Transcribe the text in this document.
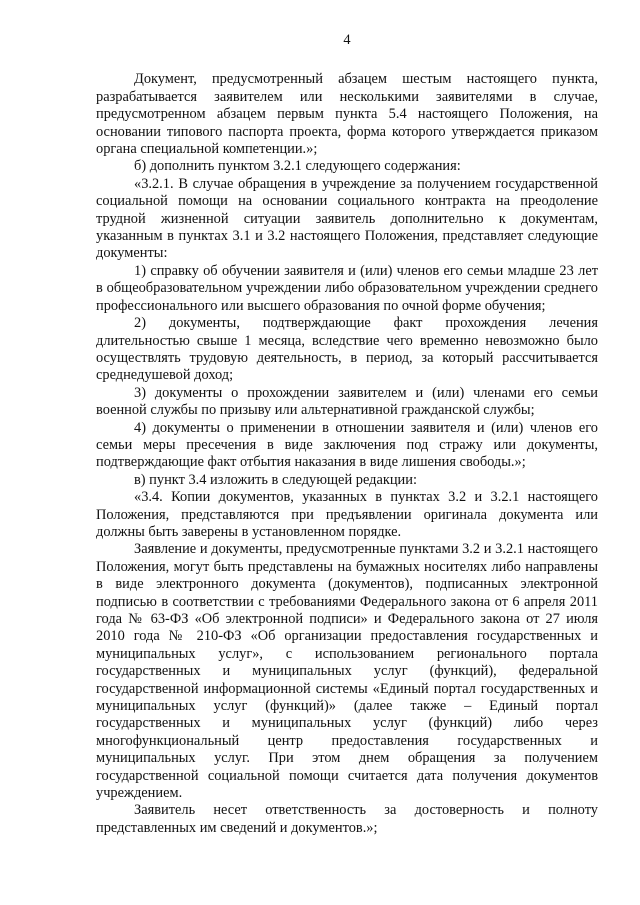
4

Документ, предусмотренный абзацем шестым настоящего пункта, разрабатывается заявителем или несколькими заявителями в случае, предусмотренном абзацем первым пункта 5.4 настоящего Положения, на основании типового паспорта проекта, форма которого утверждается приказом органа специальной компетенции.»;

б) дополнить пунктом 3.2.1 следующего содержания:

«3.2.1. В случае обращения в учреждение за получением государственной социальной помощи на основании социального контракта на преодоление трудной жизненной ситуации заявитель дополнительно к документам, указанным в пунктах 3.1 и 3.2 настоящего Положения, представляет следующие документы:

1) справку об обучении заявителя и (или) членов его семьи младше 23 лет в общеобразовательном учреждении либо образовательном учреждении среднего профессионального или высшего образования по очной форме обучения;

2) документы, подтверждающие факт прохождения лечения длительностью свыше 1 месяца, вследствие чего временно невозможно было осуществлять трудовую деятельность, в период, за который рассчитывается среднедушевой доход;

3) документы о прохождении заявителем и (или) членами его семьи военной службы по призыву или альтернативной гражданской службы;

4) документы о применении в отношении заявителя и (или) членов его семьи меры пресечения в виде заключения под стражу или документы, подтверждающие факт отбытия наказания в виде лишения свободы.»;

в) пункт 3.4 изложить в следующей редакции:

«3.4. Копии документов, указанных в пунктах 3.2 и 3.2.1 настоящего Положения, представляются при предъявлении оригинала документа или должны быть заверены в установленном порядке.

Заявление и документы, предусмотренные пунктами 3.2 и 3.2.1 настоящего Положения, могут быть представлены на бумажных носителях либо направлены в виде электронного документа (документов), подписанных электронной подписью в соответствии с требованиями Федерального закона от 6 апреля 2011 года № 63-ФЗ «Об электронной подписи» и Федерального закона от 27 июля 2010 года № 210-ФЗ «Об организации предоставления государственных и муниципальных услуг», с использованием регионального портала государственных и муниципальных услуг (функций), федеральной государственной информационной системы «Единый портал государственных и муниципальных услуг (функций)» (далее также – Единый портал государственных и муниципальных услуг (функций) либо через многофункциональный центр предоставления государственных и муниципальных услуг. При этом днем обращения за получением государственной социальной помощи считается дата получения документов учреждением.

Заявитель несет ответственность за достоверность и полноту представленных им сведений и документов.»;
